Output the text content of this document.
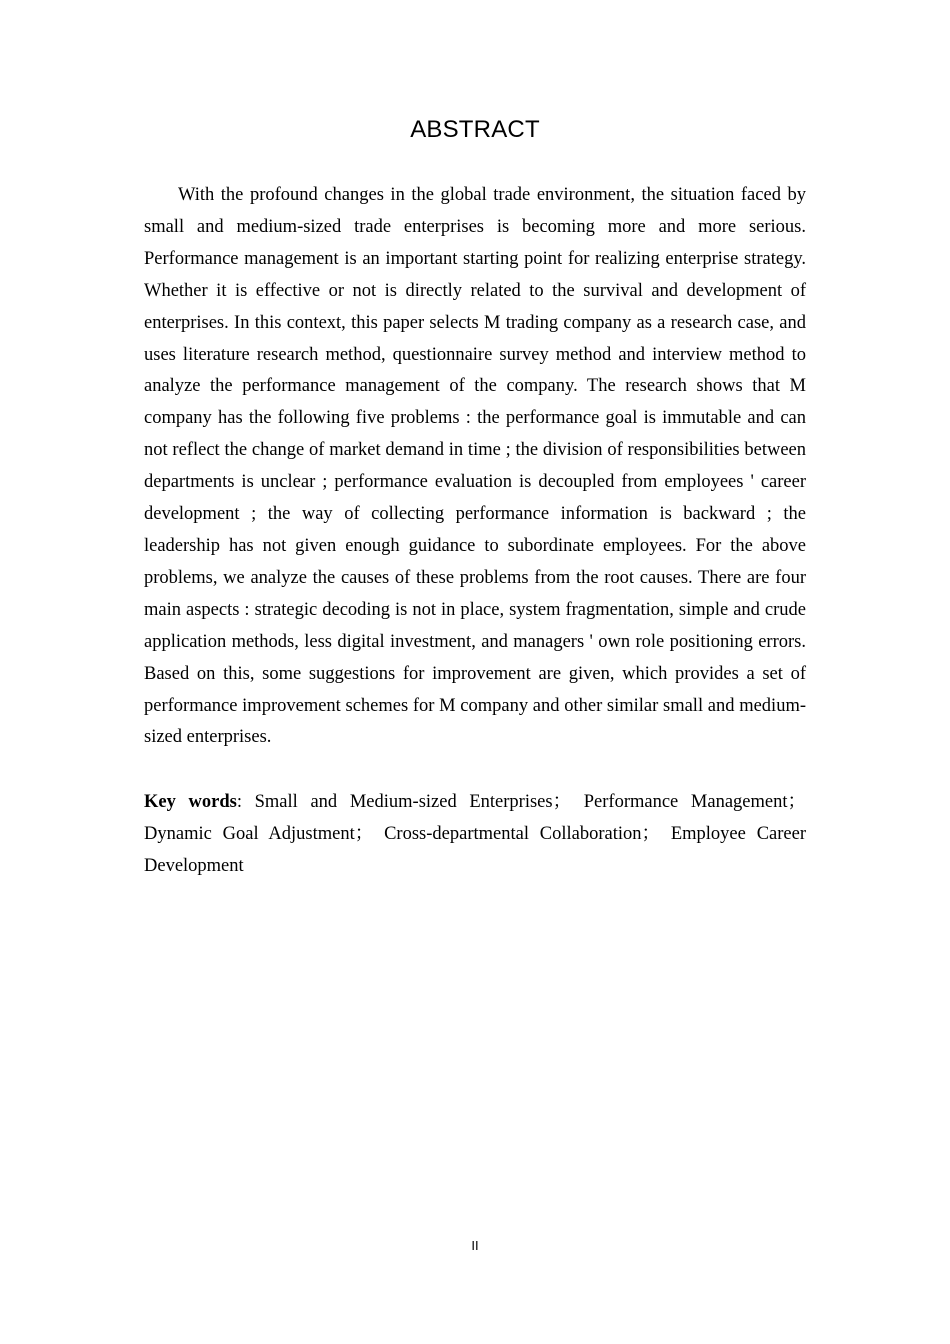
ABSTRACT

With the profound changes in the global trade environment, the situation faced by small and medium-sized trade enterprises is becoming more and more serious. Performance management is an important starting point for realizing enterprise strategy. Whether it is effective or not is directly related to the survival and development of enterprises. In this context, this paper selects M trading company as a research case, and uses literature research method, questionnaire survey method and interview method to analyze the performance management of the company. The research shows that M company has the following five problems : the performance goal is immutable and can not reflect the change of market demand in time ; the division of responsibilities between departments is unclear ; performance evaluation is decoupled from employees ' career development ; the way of collecting performance information is backward ; the leadership has not given enough guidance to subordinate employees. For the above problems, we analyze the causes of these problems from the root causes. There are four main aspects : strategic decoding is not in place, system fragmentation, simple and crude application methods, less digital investment, and managers ' own role positioning errors. Based on this, some suggestions for improvement are given, which provides a set of performance improvement schemes for M company and other similar small and medium-sized enterprises.

Key words: Small and Medium-sized Enterprises； Performance Management； Dynamic Goal Adjustment； Cross-departmental Collaboration； Employee Career Development

II
